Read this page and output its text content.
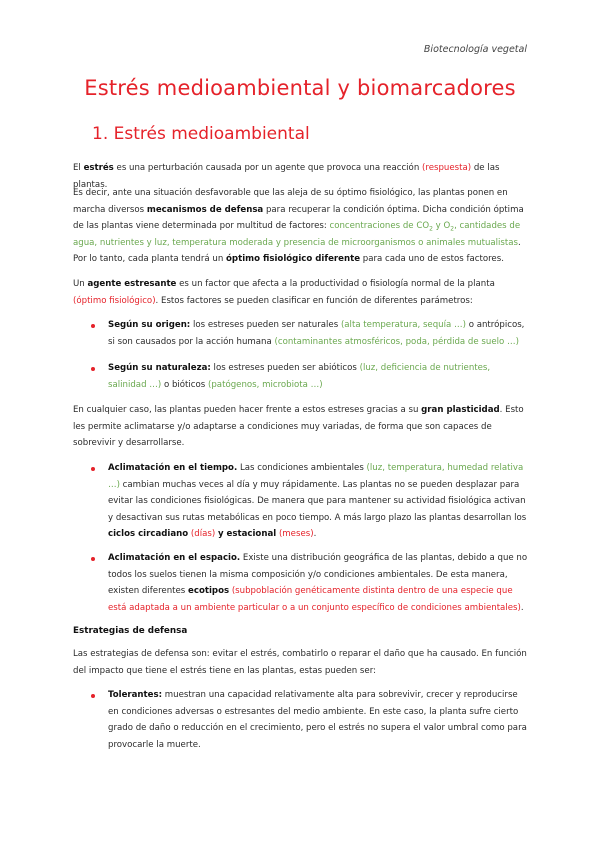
Biotecnología vegetal
Estrés medioambiental y biomarcadores
1. Estrés medioambiental
El estrés es una perturbación causada por un agente que provoca una reacción (respuesta) de las plantas.
Es decir, ante una situación desfavorable que las aleja de su óptimo fisiológico, las plantas ponen en marcha diversos mecanismos de defensa para recuperar la condición óptima. Dicha condición óptima de las plantas viene determinada por multitud de factores: concentraciones de $CO_2$ y $O_2$, cantidades de agua, nutrientes y luz, temperatura moderada y presencia de microorganismos o animales mutualistas. Por lo tanto, cada planta tendrá un óptimo fisiológico diferente para cada uno de estos factores.
Un agente estresante es un factor que afecta a la productividad o fisiología normal de la planta (óptimo fisiológico). Estos factores se pueden clasificar en función de diferentes parámetros:
Según su origen: los estreses pueden ser naturales (alta temperatura, sequía …) o antrópicos, si son causados por la acción humana (contaminantes atmosféricos, poda, pérdida de suelo …)
Según su naturaleza: los estreses pueden ser abióticos (luz, deficiencia de nutrientes, salinidad …) o bióticos (patógenos, microbiota …)
En cualquier caso, las plantas pueden hacer frente a estos estreses gracias a su gran plasticidad. Esto les permite aclimatarse y/o adaptarse a condiciones muy variadas, de forma que son capaces de sobrevivir y desarrollarse.
Aclimatación en el tiempo. Las condiciones ambientales (luz, temperatura, humedad relativa …) cambian muchas veces al día y muy rápidamente. Las plantas no se pueden desplazar para evitar las condiciones fisiológicas. De manera que para mantener su actividad fisiológica activan y desactivan sus rutas metabólicas en poco tiempo. A más largo plazo las plantas desarrollan los ciclos circadiano (días) y estacional (meses).
Aclimatación en el espacio. Existe una distribución geográfica de las plantas, debido a que no todos los suelos tienen la misma composición y/o condiciones ambientales. De esta manera, existen diferentes ecotipos (subpoblación genéticamente distinta dentro de una especie que está adaptada a un ambiente particular o a un conjunto específico de condiciones ambientales).
Estrategias de defensa
Las estrategias de defensa son: evitar el estrés, combatirlo o reparar el daño que ha causado. En función del impacto que tiene el estrés tiene en las plantas, estas pueden ser:
Tolerantes: muestran una capacidad relativamente alta para sobrevivir, crecer y reproducirse en condiciones adversas o estresantes del medio ambiente. En este caso, la planta sufre cierto grado de daño o reducción en el crecimiento, pero el estrés no supera el valor umbral como para provocarle la muerte.
